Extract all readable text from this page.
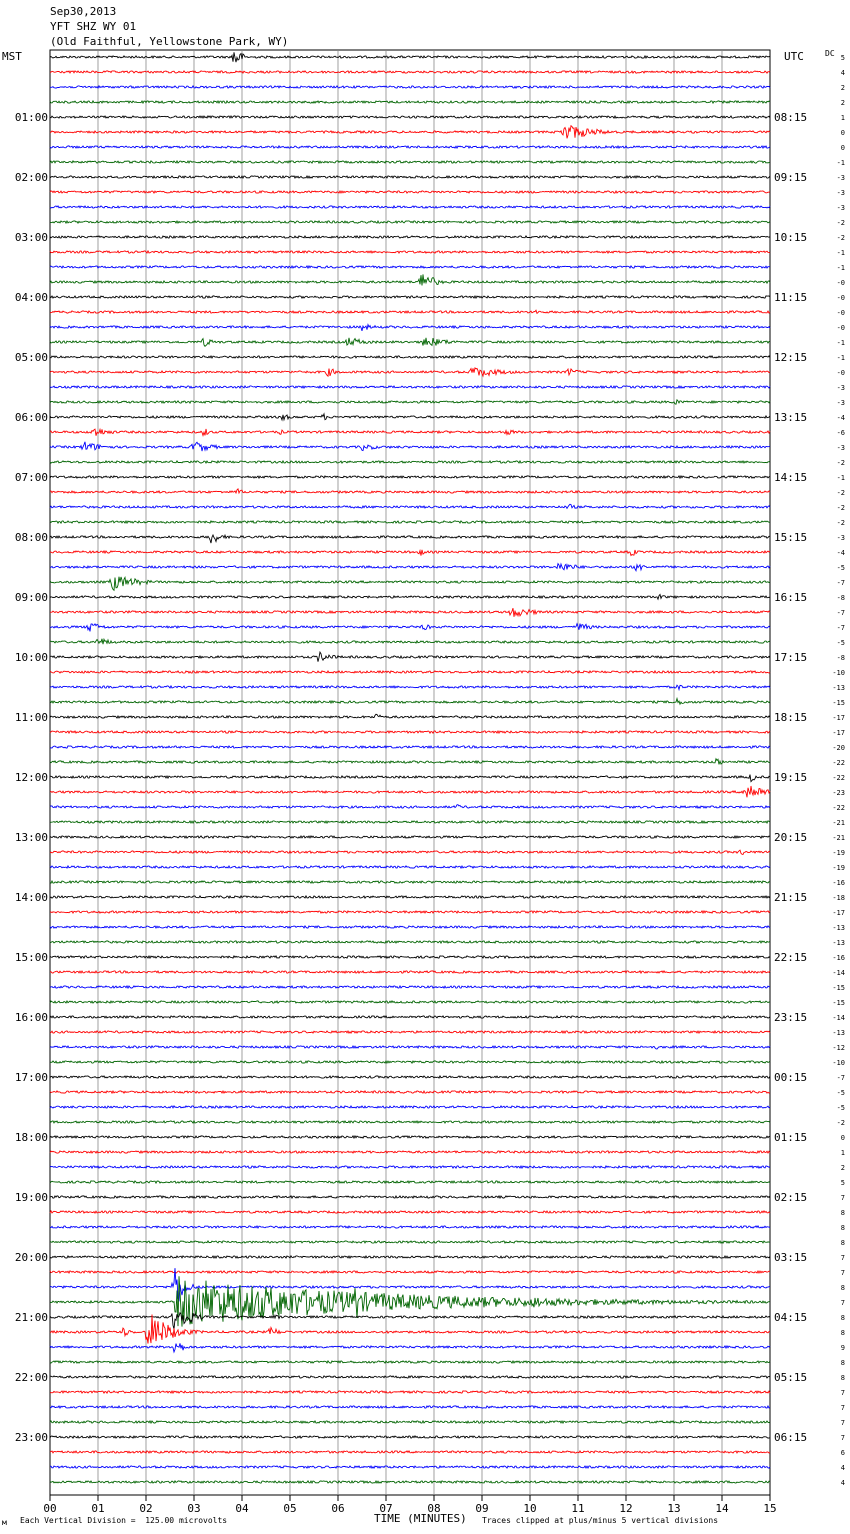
Sep30,2013
YFT SHZ WY 01
(Old Faithful, Yellowstone Park, WY)
MST	UTC	DC
00	01	02	03	04	05	06	07	08	09	10	11	12	13	14	15
5
4
2
2
1
0
0
-1
-3
-3
-3
-2
-2
-1
-1
-0
-0
-0
-0
-1
-1
-0
-3
-3
-4
-6
-3
-2
-1
-2
-2
-2
-3
-4
-5
-7
-8
-7
-7
-5
-8
-10
-13
-15
-17
-17
-20
-22
-22
-23
-22
-21
-21
-19
-19
-16
-18
-17
-13
-13
-16
-14
-15
-15
-14
-13
-12
-10
-7
-5
-5
-2
0
1
2
5
7
8
8
8
7
7
8
7
8
8
9
8
8
7
7
7
7
6
4
4
01:00
02:00
03:00
04:00
05:00
06:00
07:00
08:00
09:00
10:00
11:00
12:00
13:00
14:00
15:00
16:00
17:00
18:00
19:00
20:00
21:00
22:00
23:00
08:15
09:15
10:15
11:15
12:15
13:15
14:15
15:15
16:15
17:15
18:15
19:15
20:15
21:15
22:15
23:15
00:15
01:15
02:15
03:15
04:15
05:15
06:15
Each Vertical Division =  125.00 microvolts	TIME (MINUTES) Traces clipped at plus/minus 5 vertical divisions
м
